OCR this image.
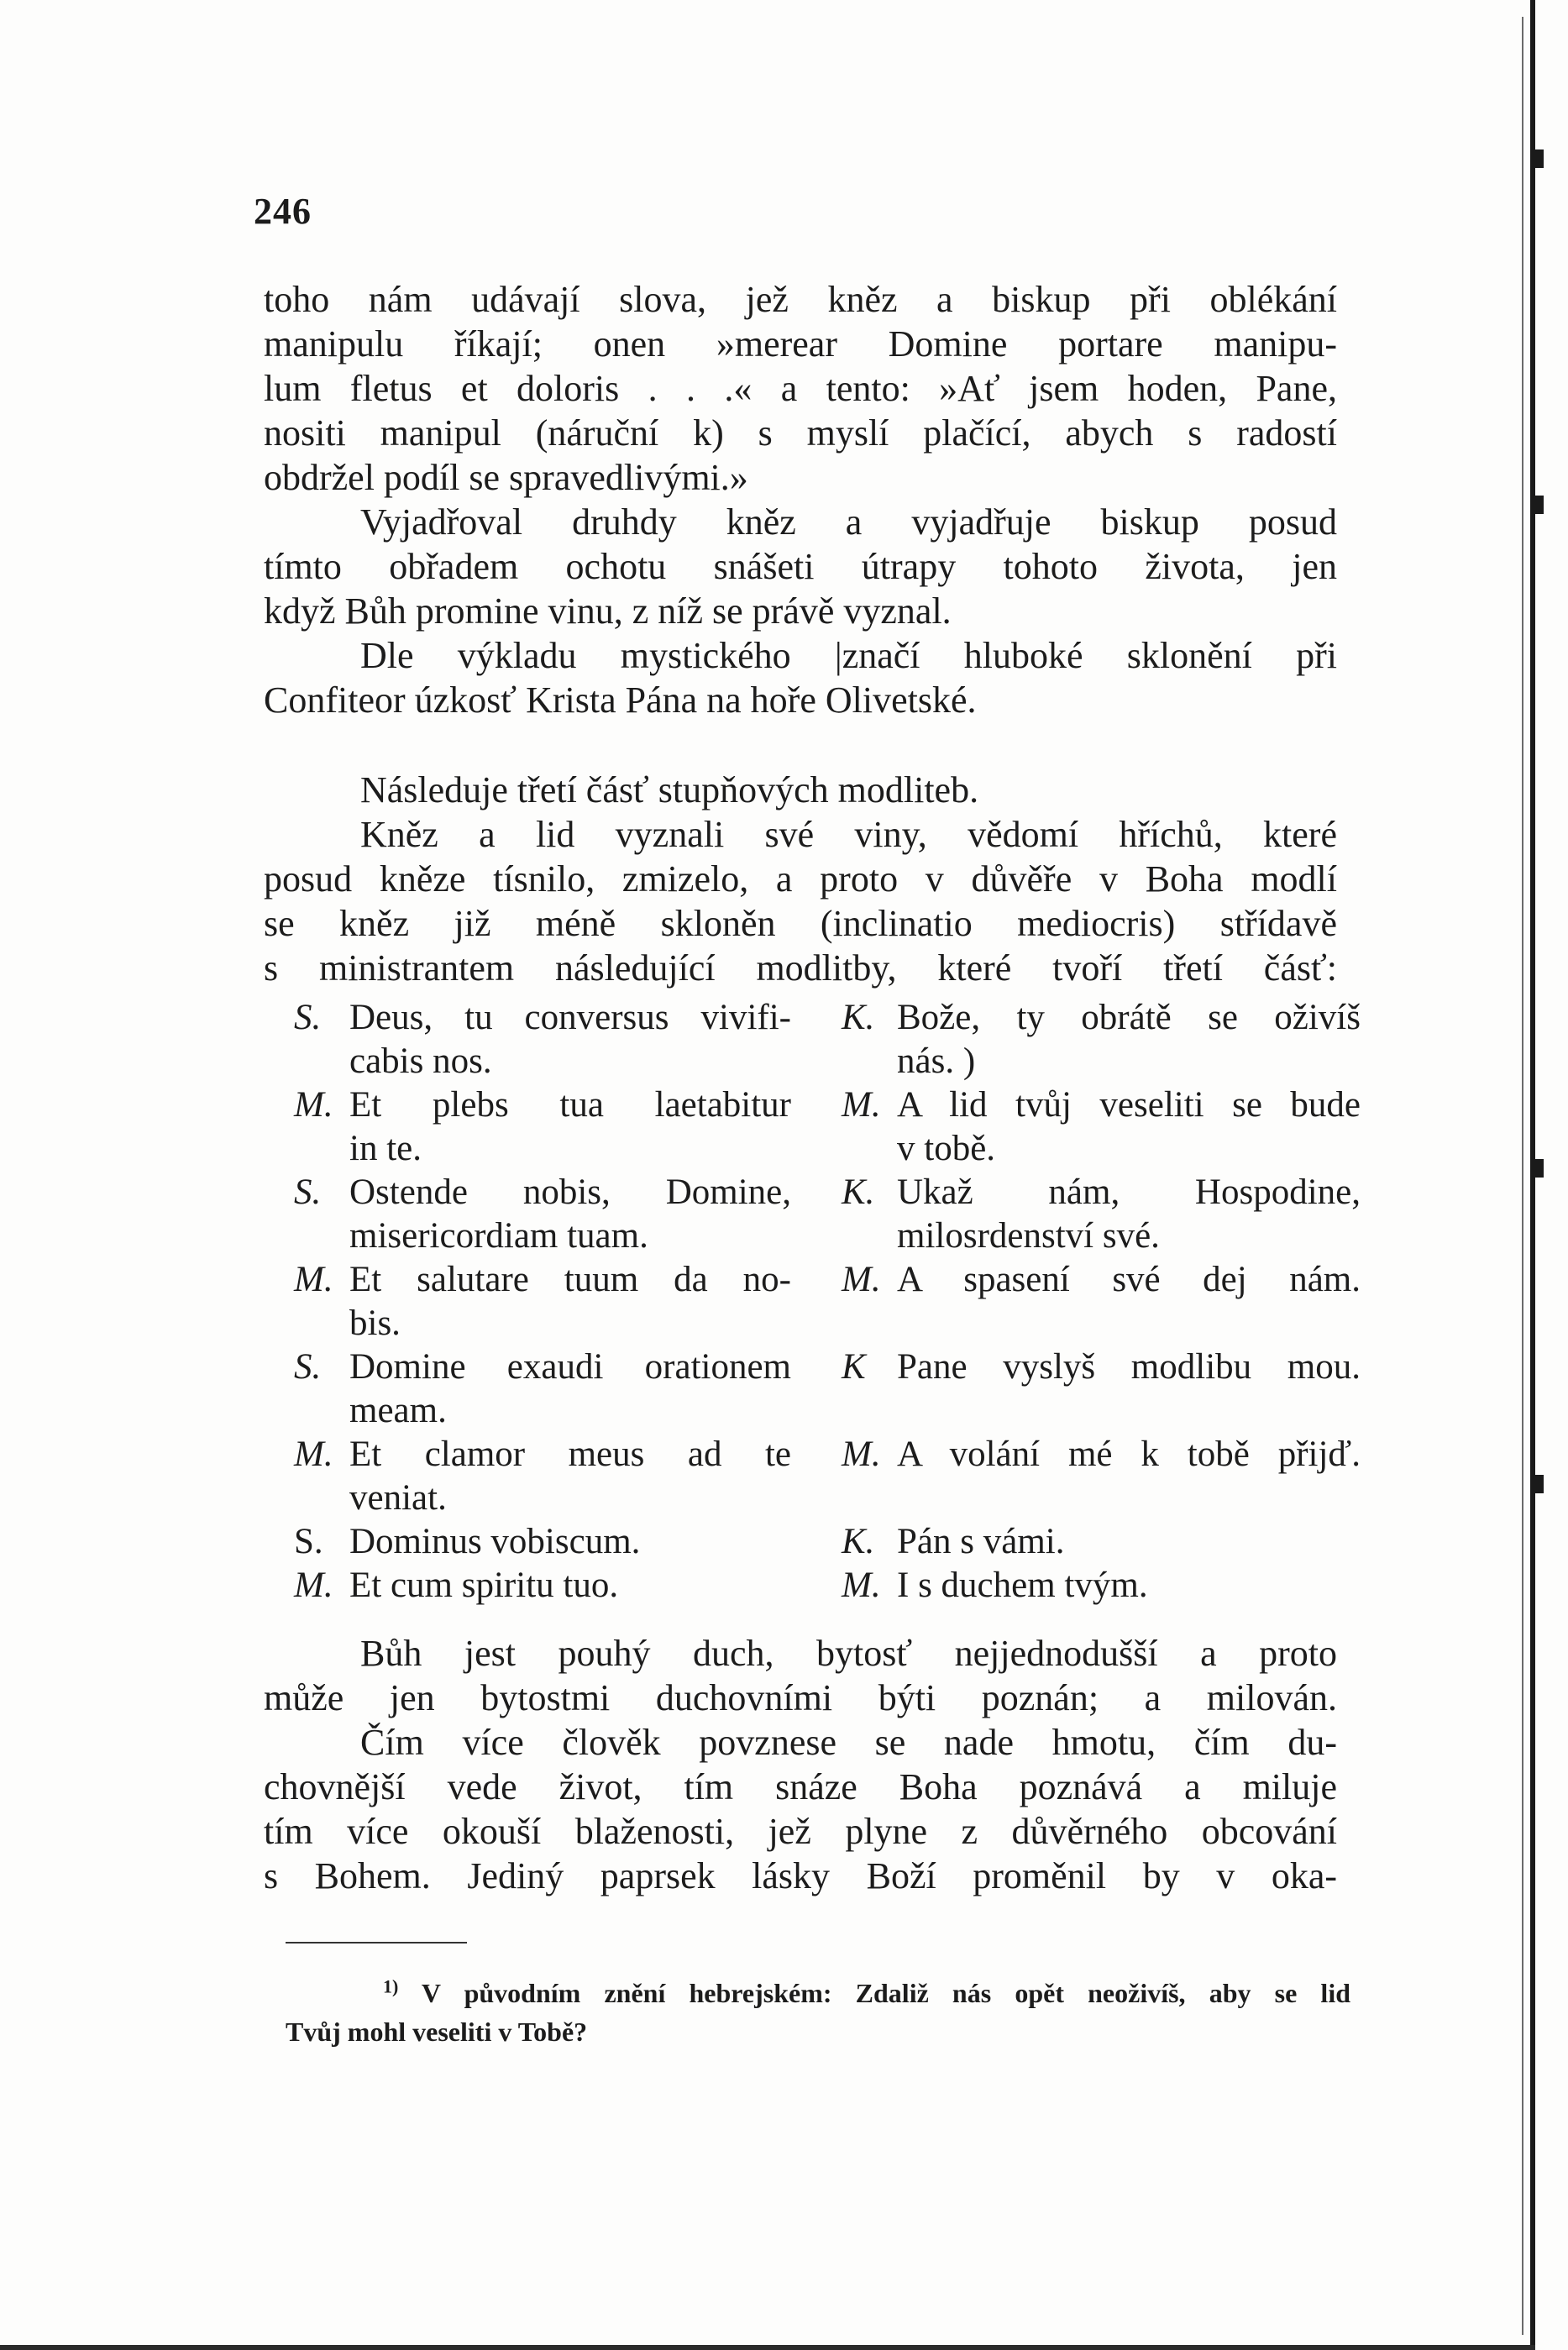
246
toho nám udávají slova, jež kněz a biskup při oblékání
manipulu říkají; onen »merear Domine portare manipu-
lum fletus et doloris . . .« a tento: »Ať jsem hoden, Pane,
nositi manipul (náruční k) s myslí plačící, abych s radostí
obdržel podíl se spravedlivými.»
Vyjadřoval druhdy kněz a vyjadřuje biskup posud
tímto obřadem ochotu snášeti útrapy tohoto života, jen
když Bůh promine vinu, z níž se právě vyznal.
Dle výkladu mystického |značí hluboké sklonění při
Confiteor úzkosť Krista Pána na hoře Olivetské.
Následuje třetí čásť stupňových modliteb.
Kněz a lid vyznali své viny, vědomí hříchů, které
posud kněze tísnilo, zmizelo, a proto v důvěře v Boha modlí
se kněz již méně skloněn (inclinatio mediocris) střídavě
s ministrantem následující modlitby, které tvoří třetí čásť:
S. Deus, tu conversus vivifi-
cabis nos.
M. Et plebs tua laetabitur
in te.
S. Ostende nobis, Domine,
misericordiam tuam.
M. Et salutare tuum da no-
bis.
S. Domine exaudi orationem
meam.
M. Et clamor meus ad te
veniat.
S. Dominus vobiscum.
M. Et cum spiritu tuo.
K. Bože, ty obrátě se oživíš
nás. )
M. A lid tvůj veseliti se bude
v tobě.
K. Ukaž nám, Hospodine,
milosrdenství své.
M. A spasení své dej nám.
K Pane vyslyš modlibu mou.
M. A volání mé k tobě přijď.
K. Pán s vámi.
M. I s duchem tvým.
Bůh jest pouhý duch, bytosť nejjednodušší a proto
může jen bytostmi duchovními býti poznán; a milován.
Čím více člověk povznese se nade hmotu, čím du-
chovnější vede život, tím snáze Boha poznává a miluje
tím více okouší blaženosti, jež plyne z důvěrného obcování
s Bohem. Jediný paprsek lásky Boží proměnil by v oka-
$^{1)}$ V původním znění hebrejském: Zdaliž nás opět neoživíš, aby se lid
Tvůj mohl veseliti v Tobě?
